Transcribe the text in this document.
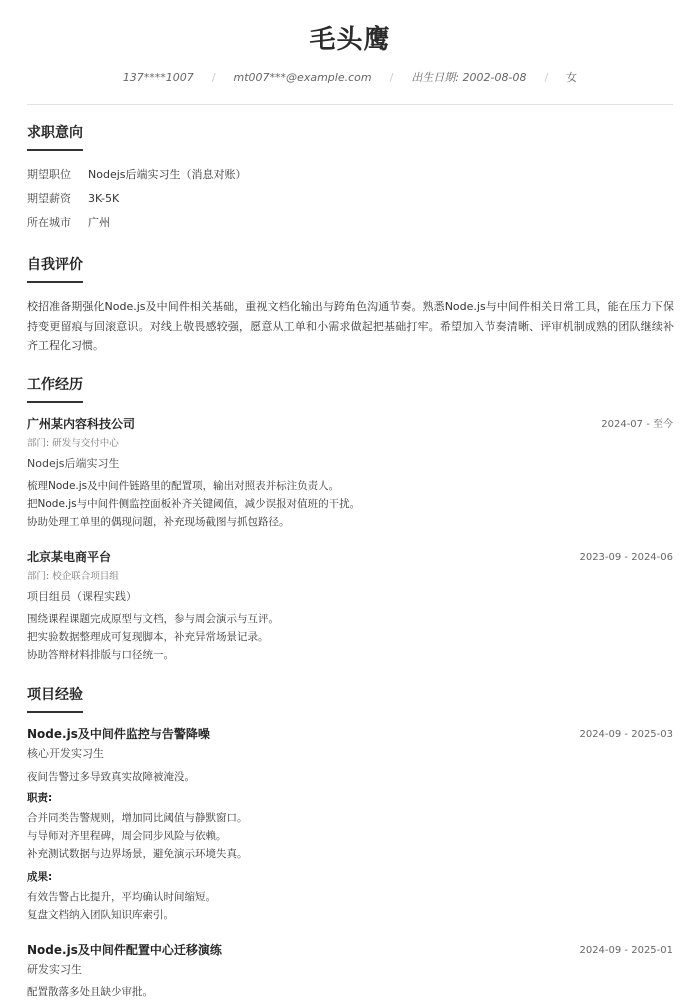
毛头鹰
137****1007 / mt007***@example.com / 出生日期: 2002-08-08 / 女
求职意向
期望职位 Nodejs后端实习生（消息对账）
期望薪资 3K-5K
所在城市 广州
自我评价
校招准备期强化Node.js及中间件相关基础，重视文档化输出与跨角色沟通节奏。熟悉Node.js与中间件相关日常工具，能在压力下保持变更留痕与回滚意识。对线上敬畏感较强，愿意从工单和小需求做起把基础打牢。希望加入节奏清晰、评审机制成熟的团队继续补齐工程化习惯。
工作经历
广州某内容科技公司	2024-07 - 至今
部门: 研发与交付中心
Nodejs后端实习生
梳理Node.js及中间件链路里的配置项，输出对照表并标注负责人。
把Node.js与中间件侧监控面板补齐关键阈值，减少误报对值班的干扰。
协助处理工单里的偶现问题，补充现场截图与抓包路径。
北京某电商平台	2023-09 - 2024-06
部门: 校企联合项目组
项目组员（课程实践）
围绕课程课题完成原型与文档，参与周会演示与互评。
把实验数据整理成可复现脚本，补充异常场景记录。
协助答辩材料排版与口径统一。
项目经验
Node.js及中间件监控与告警降噪	2024-09 - 2025-03
核心开发实习生
夜间告警过多导致真实故障被淹没。
职责:
合并同类告警规则，增加同比阈值与静默窗口。
与导师对齐里程碑，周会同步风险与依赖。
补充测试数据与边界场景，避免演示环境失真。
成果:
有效告警占比提升，平均确认时间缩短。
复盘文档纳入团队知识库索引。
Node.js及中间件配置中心迁移演练	2024-09 - 2025-01
研发实习生
配置散落多处且缺少审批。
